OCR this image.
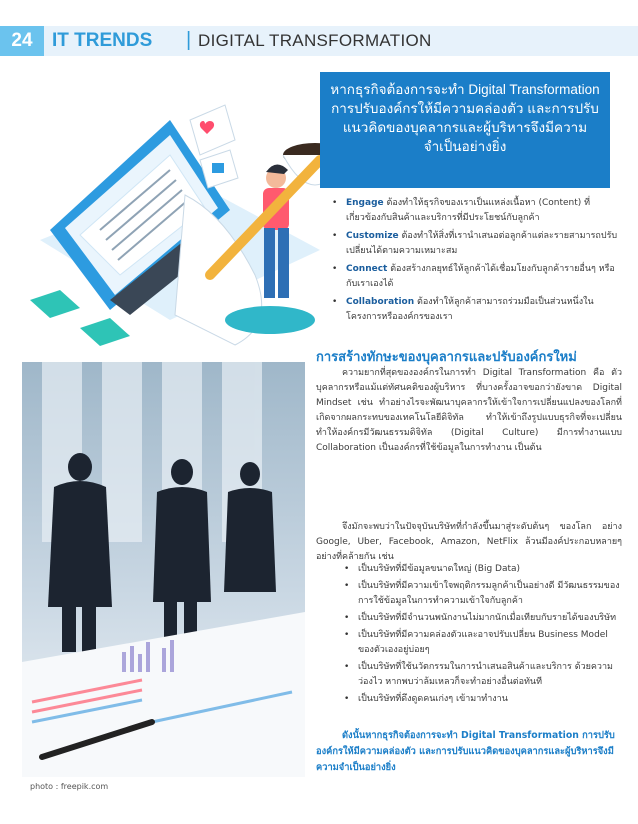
24	IT TRENDS | DIGITAL TRANSFORMATION
หากธุรกิจต้องการจะทำ Digital Transformation การปรับองค์กรให้มีความคล่องตัว และการปรับแนวคิดของบุคลากรและผู้บริหารจึงมีความจำเป็นอย่างยิ่ง
• Engage ต้องทำให้ธุรกิจของเราเป็นแหล่งเนื้อหา (Content) ที่เกี่ยวข้องกับสินค้าและบริการที่มีประโยชน์กับลูกค้า
• Customize ต้องทำให้สิ่งที่เรานำเสนอต่อลูกค้าแต่ละรายสามารถปรับเปลี่ยนได้ตามความเหมาะสม
• Connect ต้องสร้างกลยุทธ์ให้ลูกค้าได้เชื่อมโยงกับลูกค้ารายอื่นๆ หรือกับเราเองได้
• Collaboration ต้องทำให้ลูกค้าสามารถร่วมมือเป็นส่วนหนึ่งในโครงการหรือองค์กรของเรา
photo : freepik.com
การสร้างทักษะของบุคลากรและปรับองค์กรใหม่

ความยากที่สุดขององค์กรในการทำ Digital Transformation คือ ตัวบุคลากรหรือแม้แต่ทัศนคติของผู้บริหาร ที่บางครั้งอาจขอกว่ายังขาด Digital Mindset เช่น ทำอย่างไรจะพัฒนาบุคลากรให้เข้าใจการเปลี่ยนแปลงของโลกที่เกิดจากผลกระทบของเทคโนโลยีดิจิทัล ทำให้เข้าถึงรูปแบบธุรกิจที่จะเปลี่ยน ทำให้องค์กรมีวัฒนธรรมดิจิทัล (Digital Culture) มีการทำงานแบบ Collaboration เป็นองค์กรที่ใช้ข้อมูลในการทำงาน เป็นต้น

จึงมักจะพบว่าในปัจจุบันบริษัทที่กำลังขึ้นมาสู่ระดับต้นๆ ของโลก อย่าง Google, Uber, Facebook, Amazon, NetFlix ล้วนมีองค์ประกอบหลายๆ อย่างที่คล้ายกัน เช่น

• เป็นบริษัทที่มีข้อมูลขนาดใหญ่ (Big Data)
• เป็นบริษัทที่มีความเข้าใจพฤติกรรมลูกค้าเป็นอย่างดี มีวัฒนธรรมของการใช้ข้อมูลในการทำความเข้าใจกับลูกค้า
• เป็นบริษัทที่มีจำนวนพนักงานไม่มากนักเมื่อเทียบกับรายได้ของบริษัท
• เป็นบริษัทที่มีความคล่องตัวและอาจปรับเปลี่ยน Business Model ของตัวเองอยู่บ่อยๆ
• เป็นบริษัทที่ใช้นวัตกรรมในการนำเสนอสินค้าและบริการ ด้วยความว่องไว หากพบว่าล้มเหลวก็จะทำอย่างอื่นต่อทันที
• เป็นบริษัทที่ดึงดูดคนเก่งๆ เข้ามาทำงาน

ดังนั้นหากธุรกิจต้องการจะทำ Digital Transformation การปรับองค์กรให้มีความคล่องตัว และการปรับแนวคิดของบุคลากรและผู้บริหารจึงมีความจำเป็นอย่างยิ่ง
